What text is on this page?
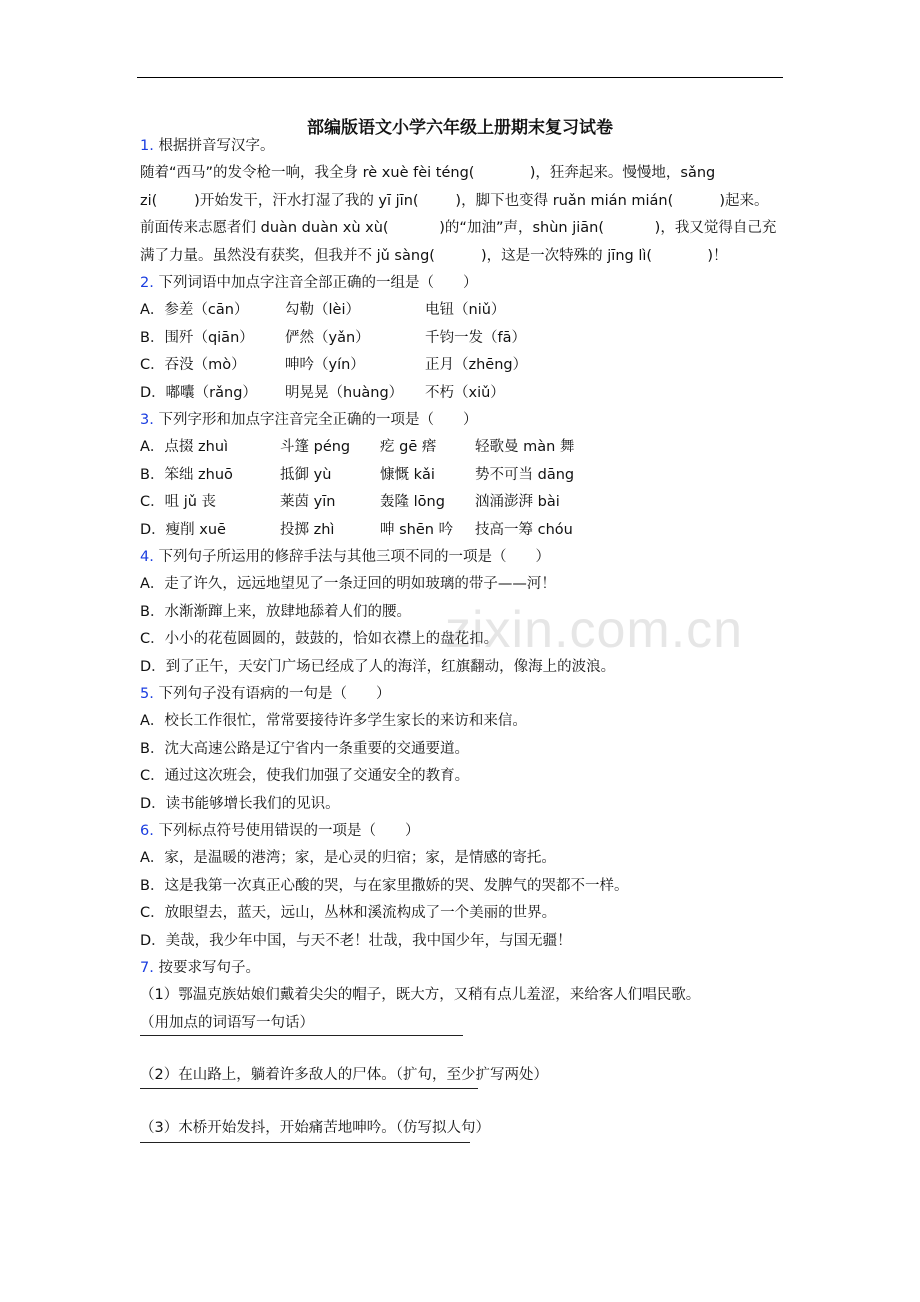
zixin.com.cn
部编版语文小学六年级上册期末复习试卷
1. 根据拼音写汉字。
随着“西马”的发令枪一响，我全身 rè xuè fèi téng(            )，狂奔起来。慢慢地，sǎng
zi(        )开始发干，汗水打湿了我的 yī jīn(        )，脚下也变得 ruǎn mián mián(          )起来。
前面传来志愿者们 duàn duàn xù xù(           )的“加油”声，shùn jiān(           )，我又觉得自己充
满了力量。虽然没有获奖，但我并不 jǔ sàng(          )，这是一次特殊的 jīng lì(            )！
2. 下列词语中加点字注音全部正确的一组是（　　）
A．参差（cān）	勾勒（lèi）	电钮（niǔ）
B．围歼（qiān） 俨然（yǎn）	千钧一发（fā）
C．吞没（mò）	呻吟（yín）	正月（zhēng）
D．嘟囔（rǎng） 明晃晃（huàng） 不朽（xiǔ）
3. 下列字形和加点字注音完全正确的一项是（　　）
A．点掇 zhuì	斗篷 péng 疙 gē 瘩	轻歌曼 màn 舞
B．笨绌 zhuō	抵御 yù	慷慨 kǎi	势不可当 dāng
C．咀 jǔ 丧	莱茵 yīn	轰隆 lōng 汹涌澎湃 bài
D．瘦削 xuē	投掷 zhì	呻 shēn 吟 技高一筹 chóu
4. 下列句子所运用的修辞手法与其他三项不同的一项是（　　）
A．走了许久，远远地望见了一条迂回的明如玻璃的带子——河！
B．水渐渐蹿上来，放肆地舔着人们的腰。
C．小小的花苞圆圆的，鼓鼓的，恰如衣襟上的盘花扣。
D．到了正午，天安门广场已经成了人的海洋，红旗翻动，像海上的波浪。
5. 下列句子没有语病的一句是（　　）
A．校长工作很忙，常常要接待许多学生家长的来访和来信。
B．沈大高速公路是辽宁省内一条重要的交通要道。
C．通过这次班会，使我们加强了交通安全的教育。
D．读书能够增长我们的见识。
6. 下列标点符号使用错误的一项是（　　）
A．家，是温暖的港湾；家，是心灵的归宿；家，是情感的寄托。
B．这是我第一次真正心酸的哭，与在家里撒娇的哭、发脾气的哭都不一样。
C．放眼望去，蓝天，远山，丛林和溪流构成了一个美丽的世界。
D．美哉，我少年中国，与天不老！壮哉，我中国少年，与国无疆！
7. 按要求写句子。
（1）鄂温克族姑娘们戴着尖尖的帽子，既大方，又稍有点儿羞涩，来给客人们唱民歌。
（用加点的词语写一句话）
（2）在山路上，躺着许多敌人的尸体。（扩句，至少扩写两处）
（3）木桥开始发抖，开始痛苦地呻吟。（仿写拟人句）
